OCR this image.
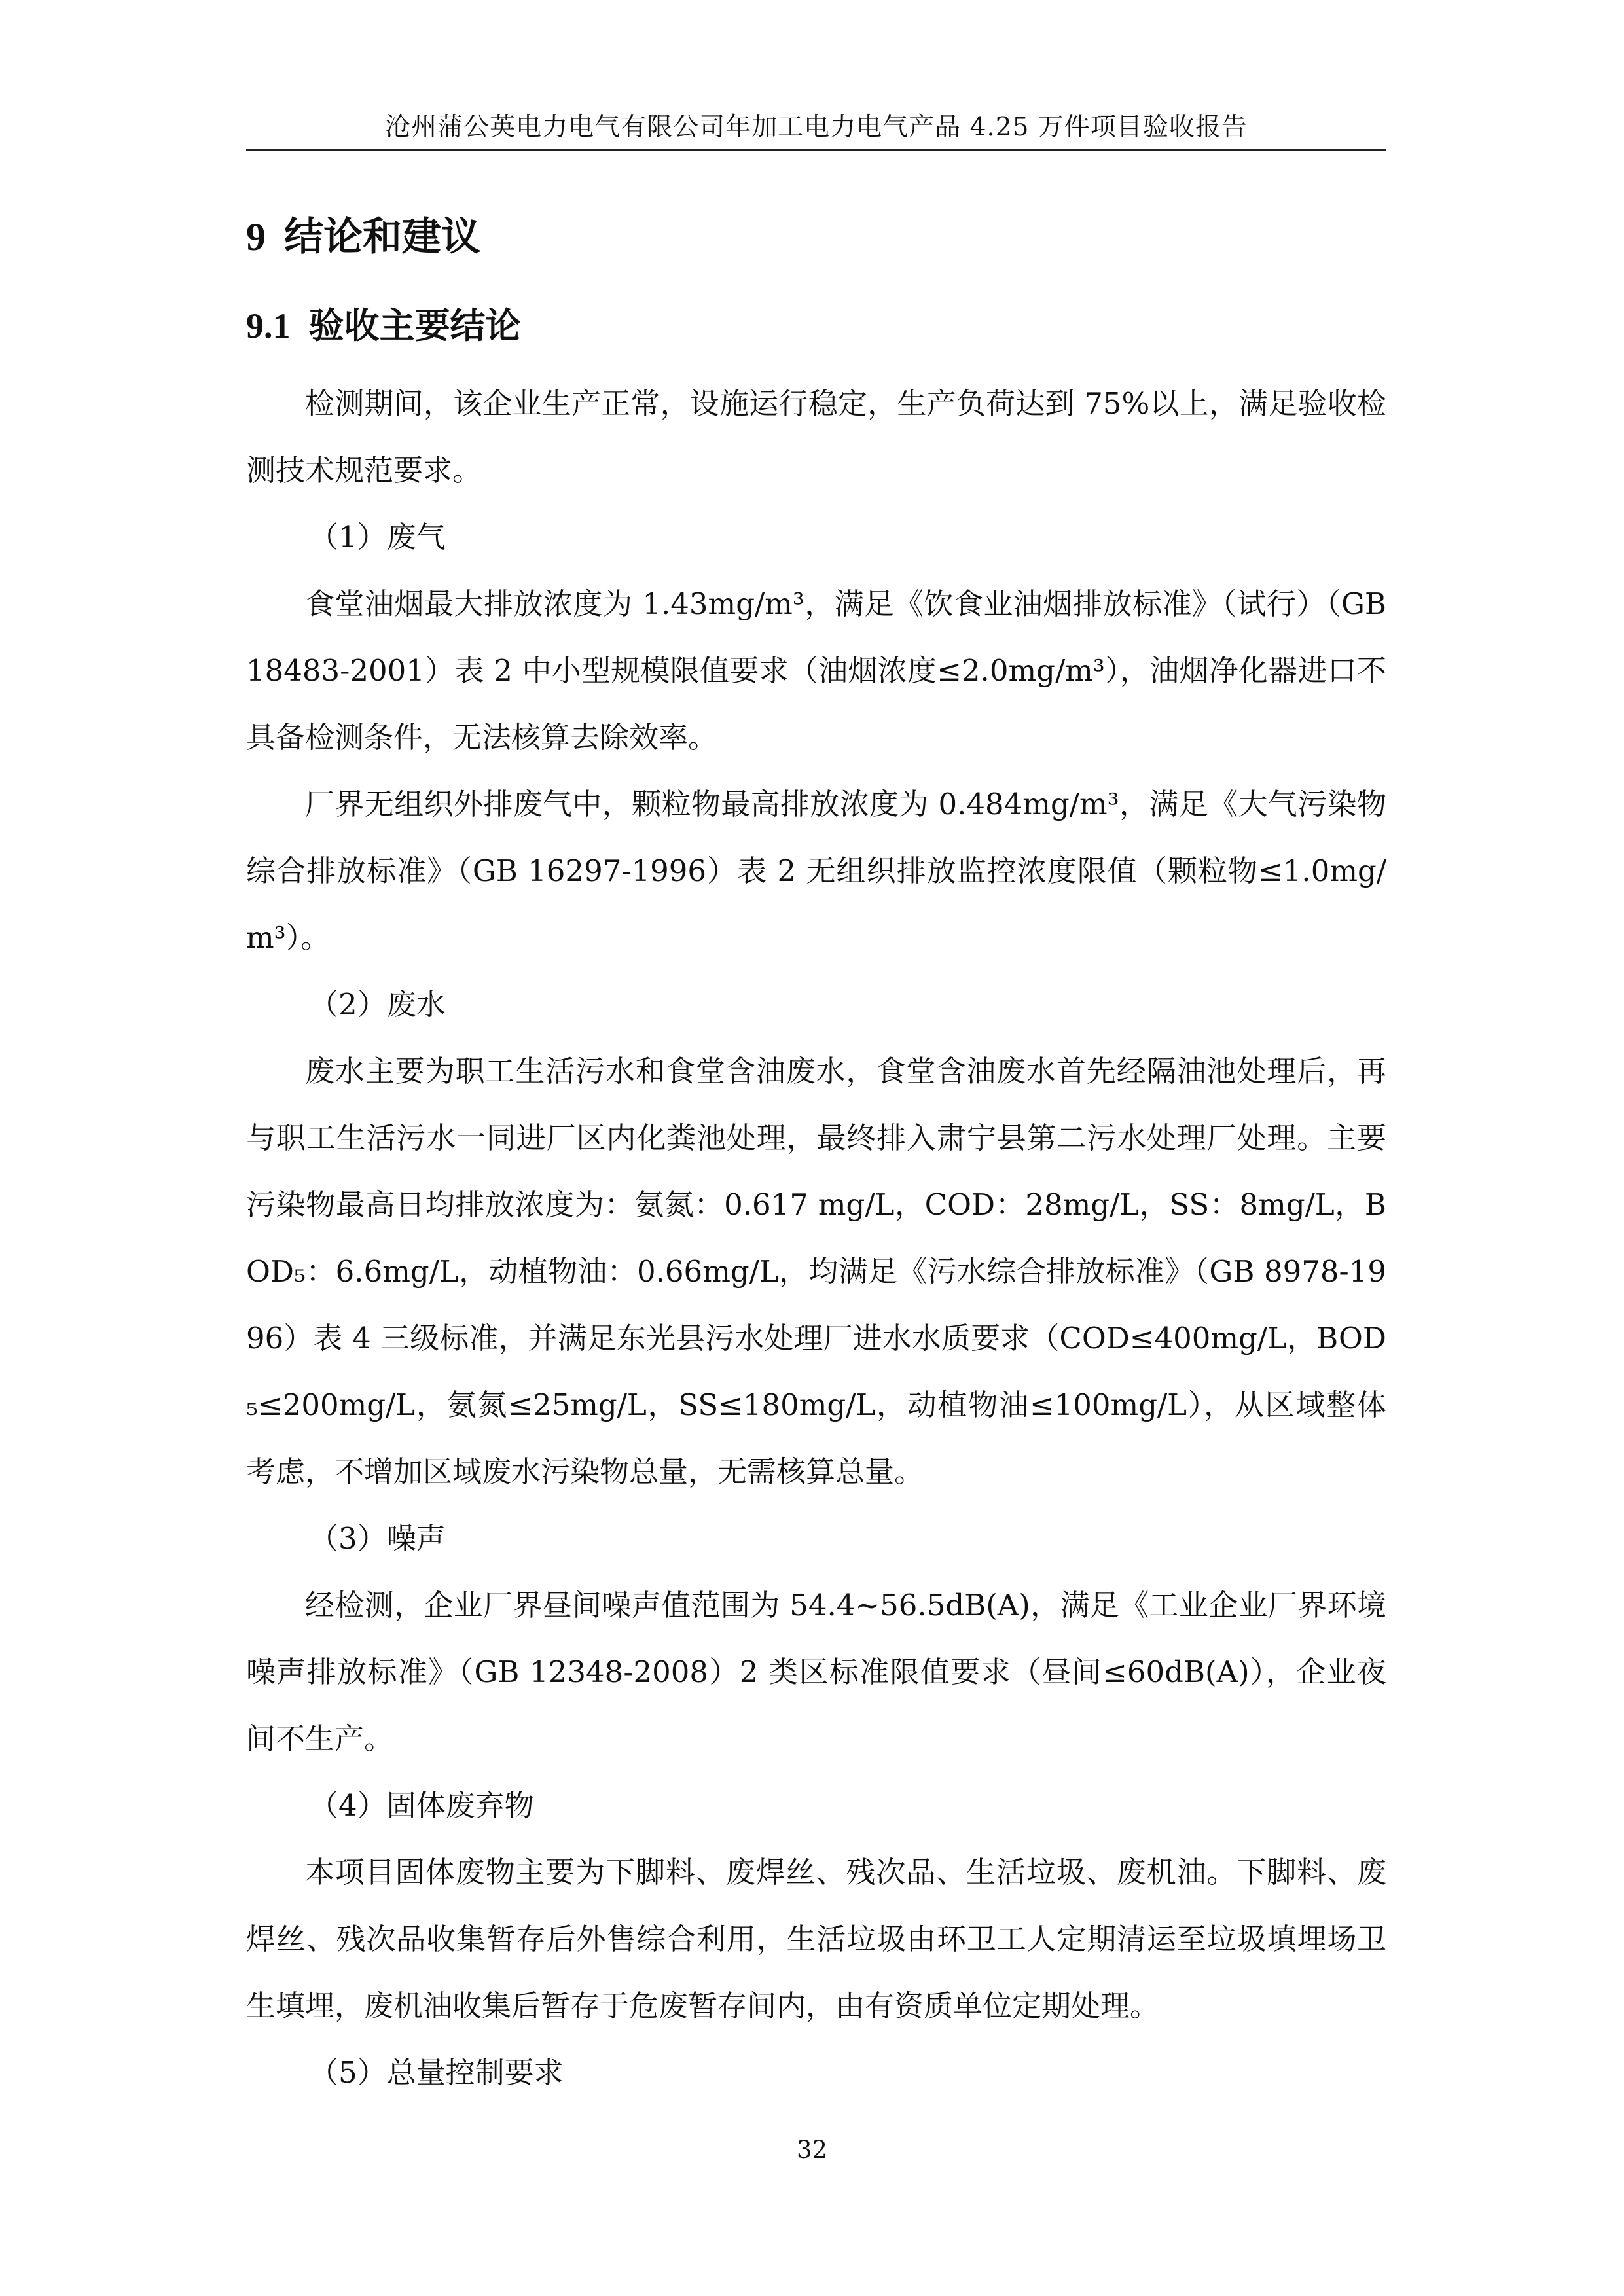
沧州蒲公英电力电气有限公司年加工电力电气产品 4.25 万件项目验收报告
9 结论和建议
9.1 验收主要结论

检测期间，该企业生产正常，设施运行稳定，生产负荷达到 75%以上，满足验收检测技术规范要求。

（1）废气

食堂油烟最大排放浓度为 1.43mg/m³，满足《饮食业油烟排放标准》（试行）（GB 18483-2001）表 2 中小型规模限值要求（油烟浓度≤2.0mg/m³），油烟净化器进口不具备检测条件，无法核算去除效率。

厂界无组织外排废气中，颗粒物最高排放浓度为 0.484mg/m³，满足《大气污染物综合排放标准》（GB 16297-1996）表 2 无组织排放监控浓度限值（颗粒物≤1.0mg/m³）。

（2）废水

废水主要为职工生活污水和食堂含油废水，食堂含油废水首先经隔油池处理后，再与职工生活污水一同进厂区内化粪池处理，最终排入肃宁县第二污水处理厂处理。主要污染物最高日均排放浓度为：氨氮：0.617 mg/L，COD：28mg/L，SS：8mg/L，BOD₅：6.6mg/L，动植物油：0.66mg/L，均满足《污水综合排放标准》（GB 8978-1996）表 4 三级标准，并满足东光县污水处理厂进水水质要求（COD≤400mg/L，BOD₅≤200mg/L，氨氮≤25mg/L，SS≤180mg/L，动植物油≤100mg/L），从区域整体考虑，不增加区域废水污染物总量，无需核算总量。

（3）噪声

经检测，企业厂界昼间噪声值范围为 54.4~56.5dB(A)，满足《工业企业厂界环境噪声排放标准》（GB 12348-2008）2 类区标准限值要求（昼间≤60dB(A)），企业夜间不生产。

（4）固体废弃物

本项目固体废物主要为下脚料、废焊丝、残次品、生活垃圾、废机油。下脚料、废焊丝、残次品收集暂存后外售综合利用，生活垃圾由环卫工人定期清运至垃圾填埋场卫生填埋，废机油收集后暂存于危废暂存间内，由有资质单位定期处理。

（5）总量控制要求

32
